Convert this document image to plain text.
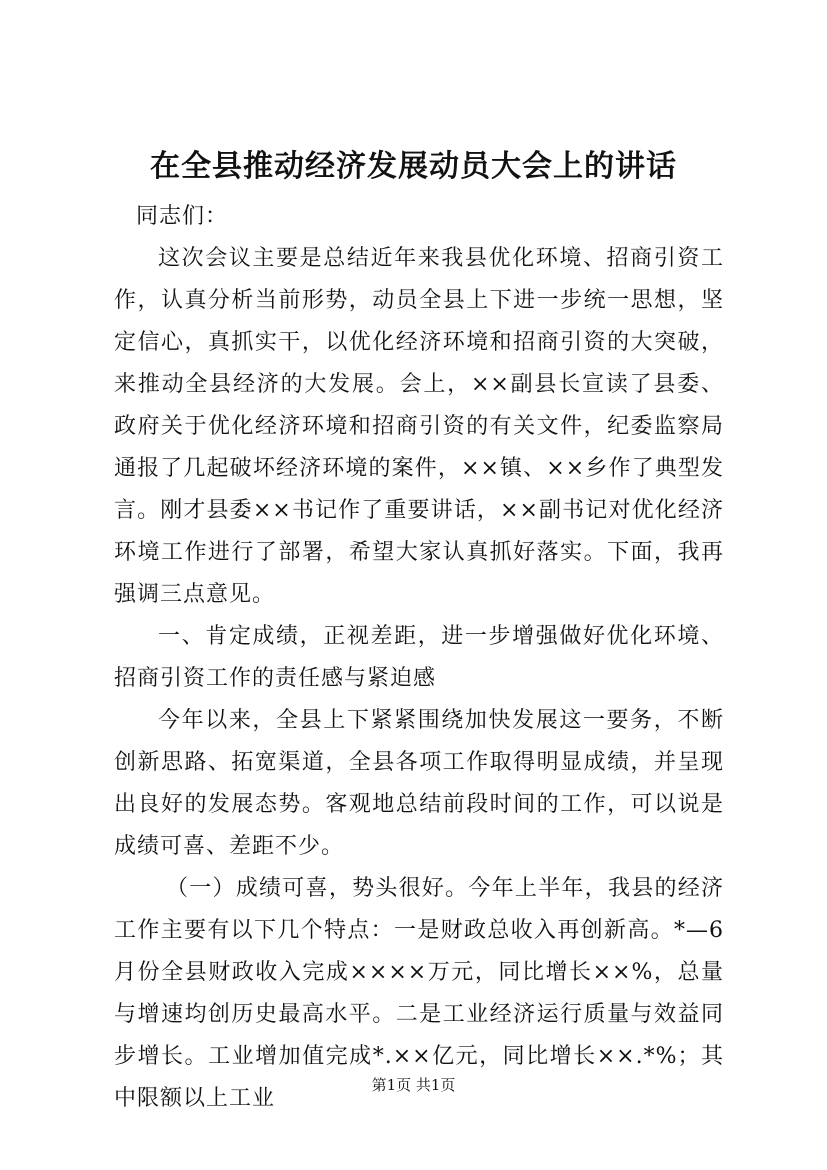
在全县推动经济发展动员大会上的讲话

同志们：

这次会议主要是总结近年来我县优化环境、招商引资工作，认真分析当前形势，动员全县上下进一步统一思想，坚定信心，真抓实干，以优化经济环境和招商引资的大突破，来推动全县经济的大发展。会上，××副县长宣读了县委、政府关于优化经济环境和招商引资的有关文件，纪委监察局通报了几起破坏经济环境的案件，××镇、××乡作了典型发言。刚才县委××书记作了重要讲话，××副书记对优化经济环境工作进行了部署，希望大家认真抓好落实。下面，我再强调三点意见。

一、肯定成绩，正视差距，进一步增强做好优化环境、招商引资工作的责任感与紧迫感

今年以来，全县上下紧紧围绕加快发展这一要务，不断创新思路、拓宽渠道，全县各项工作取得明显成绩，并呈现出良好的发展态势。客观地总结前段时间的工作，可以说是成绩可喜、差距不少。

（一）成绩可喜，势头很好。今年上半年，我县的经济工作主要有以下几个特点：一是财政总收入再创新高。*—6月份全县财政收入完成××××万元，同比增长××%，总量与增速均创历史最高水平。二是工业经济运行质量与效益同步增长。工业增加值完成*.××亿元，同比增长××.*%；其中限额以上工业

第1页 共1页
